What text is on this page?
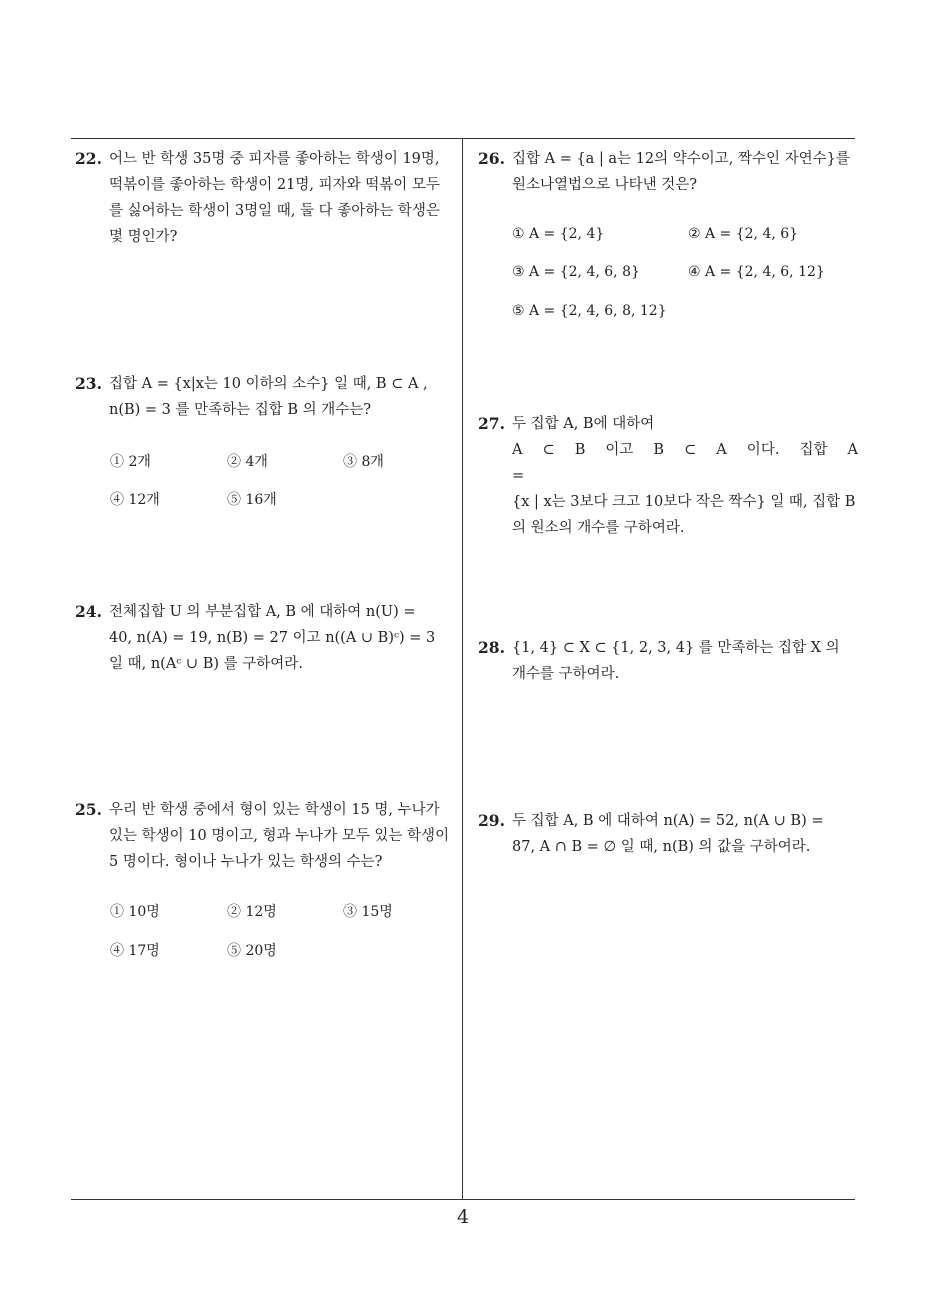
22. 어느 반 학생 35명 중 피자를 좋아하는 학생이 19명,
떡볶이를 좋아하는 학생이 21명, 피자와 떡볶이 모두
를 싫어하는 학생이 3명일 때, 둘 다 좋아하는 학생은
몇 명인가?
23. 집합 A = {x|x는 10 이하의 소수} 일 때, B ⊂ A ,
n(B) = 3 를 만족하는 집합 B 의 개수는?
① 2개	② 4개	③ 8개
④ 12개	⑤ 16개
24. 전체집합 U 의 부분집합 A, B 에 대하여 n(U) =
40, n(A) = 19, n(B) = 27 이고 n((A ∪ B)ᶜ) = 3
일 때, n(Aᶜ ∪ B) 를 구하여라.
25. 우리 반 학생 중에서 형이 있는 학생이 15 명, 누나가
있는 학생이 10 명이고, 형과 누나가 모두 있는 학생이
5 명이다. 형이나 누나가 있는 학생의 수는?
① 10명	② 12명	③ 15명
④ 17명	⑤ 20명
26. 집합 A = {a | a는 12의 약수이고, 짝수인 자연수}를
원소나열법으로 나타낸 것은?
① A = {2, 4}	② A = {2, 4, 6}
③ A = {2, 4, 6, 8}	④ A = {2, 4, 6, 12}
⑤ A = {2, 4, 6, 8, 12}
27. 두 집합 A, B에 대하여
A ⊂ B 이고 B ⊂ A 이다. 집합 A =
{x | x는 3보다 크고 10보다 작은 짝수} 일 때, 집합 B
의 원소의 개수를 구하여라.
28. {1, 4} ⊂ X ⊂ {1, 2, 3, 4} 를 만족하는 집합 X 의
개수를 구하여라.
29. 두 집합 A, B 에 대하여 n(A) = 52, n(A ∪ B) =
87, A ∩ B = ∅ 일 때, n(B) 의 값을 구하여라.
4
